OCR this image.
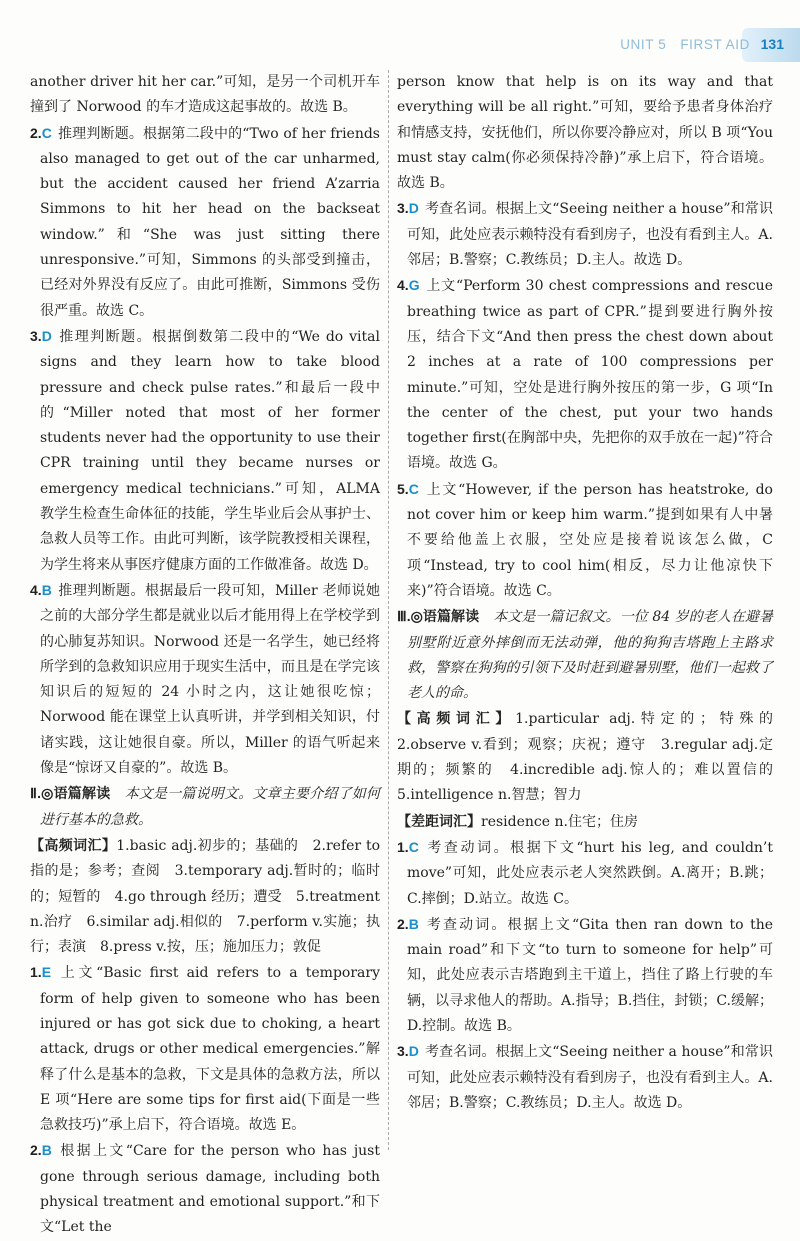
UNIT 5 FIRST AID 131

another driver hit her car.”可知，是另一个司机开车撞到了 Norwood 的车才造成这起事故的。故选 B。

2.C 推理判断题。根据第二段中的“Two of her friends also managed to get out of the car unharmed, but the accident caused her friend A’zarria Simmons to hit her head on the backseat window.”和“She was just sitting there unresponsive.”可知，Simmons 的头部受到撞击，已经对外界没有反应了。由此可推断，Simmons 受伤很严重。故选 C。

3.D 推理判断题。根据倒数第二段中的“We do vital signs and they learn how to take blood pressure and check pulse rates.”和最后一段中的“Miller noted that most of her former students never had the opportunity to use their CPR training until they became nurses or emergency medical technicians.”可知，ALMA 教学生检查生命体征的技能，学生毕业后会从事护士、急救人员等工作。由此可判断，该学院教授相关课程，为学生将来从事医疗健康方面的工作做准备。故选 D。

4.B 推理判断题。根据最后一段可知，Miller 老师说她之前的大部分学生都是就业以后才能用得上在学校学到的心肺复苏知识。Norwood 还是一名学生，她已经将所学到的急救知识应用于现实生活中，而且是在学完该知识后的短短的 24 小时之内，这让她很吃惊；Norwood 能在课堂上认真听讲，并学到相关知识，付诸实践，这让她很自豪。所以，Miller 的语气听起来像是“惊讶又自豪的”。故选 B。

Ⅱ.◎语篇解读　 本文是一篇说明文。文章主要介绍了如何进行基本的急救。

【高频词汇】1.basic adj.初步的；基础的　2.refer to 指的是；参考；查阅　3.temporary adj.暂时的；临时的；短暂的　4.go through 经历；遭受　5.treatment n.治疗　6.similar adj.相似的　7.perform v.实施；执行；表演　8.press v.按，压；施加压力；敦促

1.E 上文“Basic first aid refers to a temporary form of help given to someone who has been injured or has got sick due to choking, a heart attack, drugs or other medical emergencies.”解释了什么是基本的急救，下文是具体的急救方法，所以 E 项“Here are some tips for first aid(下面是一些急救技巧)”承上启下，符合语境。故选 E。

2.B 根据上文“Care for the person who has just gone through serious damage, including both physical treatment and emotional support.”和下文“Let the

person know that help is on its way and that everything will be all right.”可知，要给予患者身体治疗和情感支持，安抚他们，所以你要冷静应对，所以 B 项“You must stay calm(你必须保持冷静)”承上启下，符合语境。故选 B。

3.D 考查名词。根据上文“Seeing neither a house”和常识可知，此处应表示赖特没有看到房子，也没有看到主人。A.邻居；B.警察；C.教练员；D.主人。故选 D。

4.G 上文“Perform 30 chest compressions and rescue breathing twice as part of CPR.”提到要进行胸外按压，结合下文“And then press the chest down about 2 inches at a rate of 100 compressions per minute.”可知，空处是进行胸外按压的第一步，G 项“In the center of the chest, put your two hands together first(在胸部中央，先把你的双手放在一起)”符合语境。故选 G。

5.C 上文“However, if the person has heatstroke, do not cover him or keep him warm.”提到如果有人中暑不要给他盖上衣服，空处应是接着说该怎么做，C 项“Instead, try to cool him(相反，尽力让他凉快下来)”符合语境。故选 C。

Ⅲ.◎语篇解读　 本文是一篇记叙文。一位 84 岁的老人在避暑别墅附近意外摔倒而无法动弹，他的狗狗吉塔跑上主路求救，警察在狗狗的引领下及时赶到避暑别墅，他们一起救了老人的命。

【高频词汇】1.particular adj.特定的；特殊的　2.observe v.看到；观察；庆祝；遵守　3.regular adj.定期的；频繁的　4.incredible adj.惊人的；难以置信的　5.intelligence n.智慧；智力

【差距词汇】residence n.住宅；住房

1.C 考查动词。根据下文“hurt his leg, and couldn’t move”可知，此处应表示老人突然跌倒。A.离开；B.跳；C.摔倒；D.站立。故选 C。

2.B 考查动词。根据上文“Gita then ran down to the main road”和下文“to turn to someone for help”可知，此处应表示吉塔跑到主干道上，挡住了路上行驶的车辆，以寻求他人的帮助。A.指导；B.挡住，封锁；C.缓解；D.控制。故选 B。

3.D 考查名词。根据上文“Seeing neither a house”和常识可知，此处应表示赖特没有看到房子，也没有看到主人。A.邻居；B.警察；C.教练员；D.主人。故选 D。
